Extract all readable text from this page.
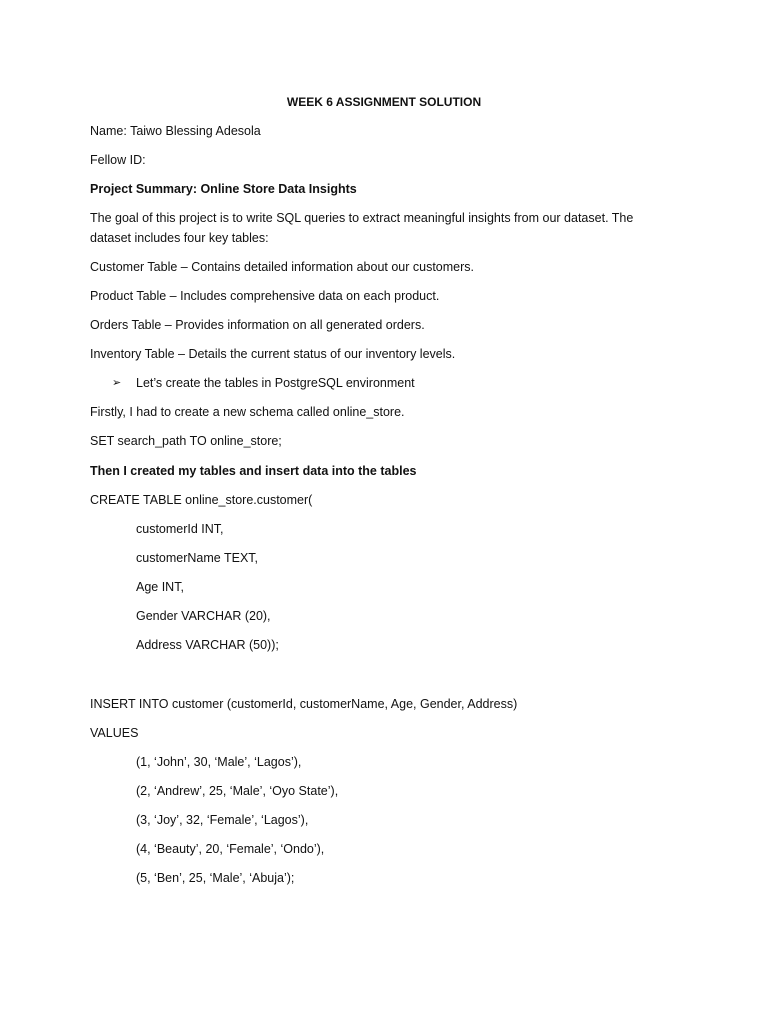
WEEK 6 ASSIGNMENT SOLUTION

Name: Taiwo Blessing Adesola

Fellow ID:

Project Summary: Online Store Data Insights

The goal of this project is to write SQL queries to extract meaningful insights from our dataset. The dataset includes four key tables:

Customer Table – Contains detailed information about our customers.

Product Table – Includes comprehensive data on each product.

Orders Table – Provides information on all generated orders.

Inventory Table – Details the current status of our inventory levels.

➢ Let’s create the tables in PostgreSQL environment

Firstly, I had to create a new schema called online_store.

SET search_path TO online_store;

Then I created my tables and insert data into the tables

CREATE TABLE online_store.customer(

customerId INT,

customerName TEXT,

Age INT,

Gender VARCHAR (20),

Address VARCHAR (50));

INSERT INTO customer (customerId, customerName, Age, Gender, Address)

VALUES

(1, ‘John’, 30, ‘Male’, ‘Lagos’),

(2, ‘Andrew’, 25, ‘Male’, ‘Oyo State’),

(3, ‘Joy’, 32, ‘Female’, ‘Lagos’),

(4, ‘Beauty’, 20, ‘Female’, ‘Ondo’),

(5, ‘Ben’, 25, ‘Male’, ‘Abuja’);
